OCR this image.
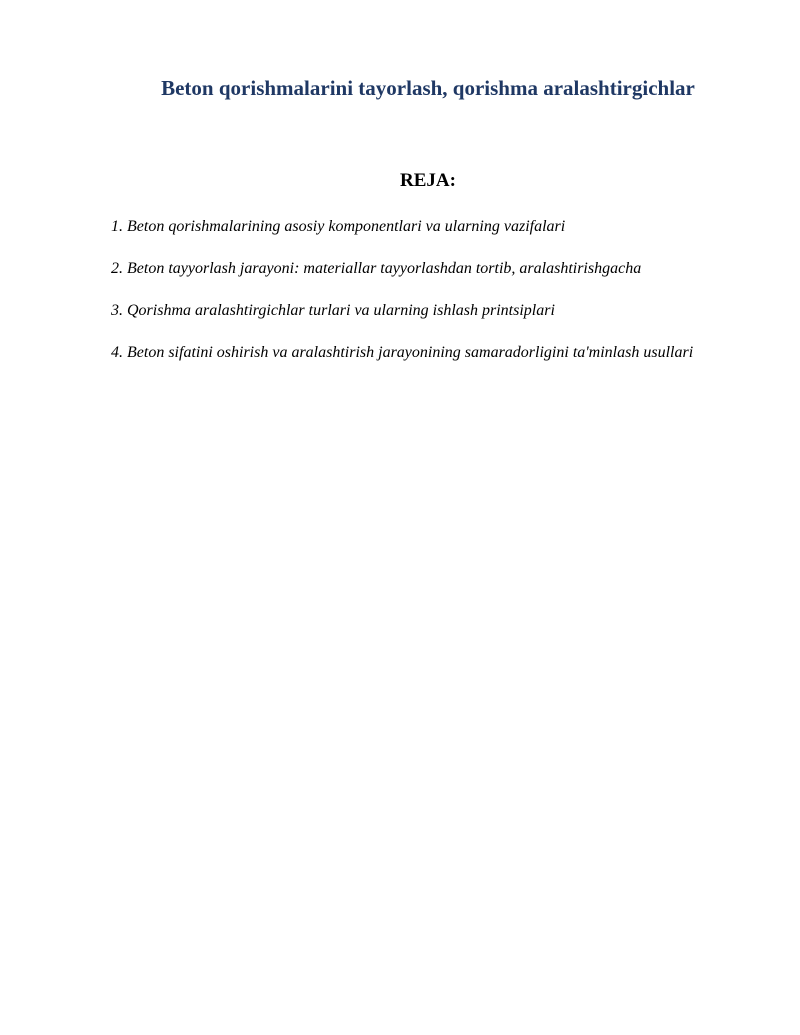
Beton qorishmalarini tayorlash, qorishma aralashtirgichlar
REJA:
1. Beton qorishmalarining asosiy komponentlari va ularning vazifalari
2. Beton tayyorlash jarayoni: materiallar tayyorlashdan tortib, aralashtirishgacha
3. Qorishma aralashtirgichlar turlari va ularning ishlash printsiplari
4. Beton sifatini oshirish va aralashtirish jarayonining samaradorligini ta'minlash usullari
